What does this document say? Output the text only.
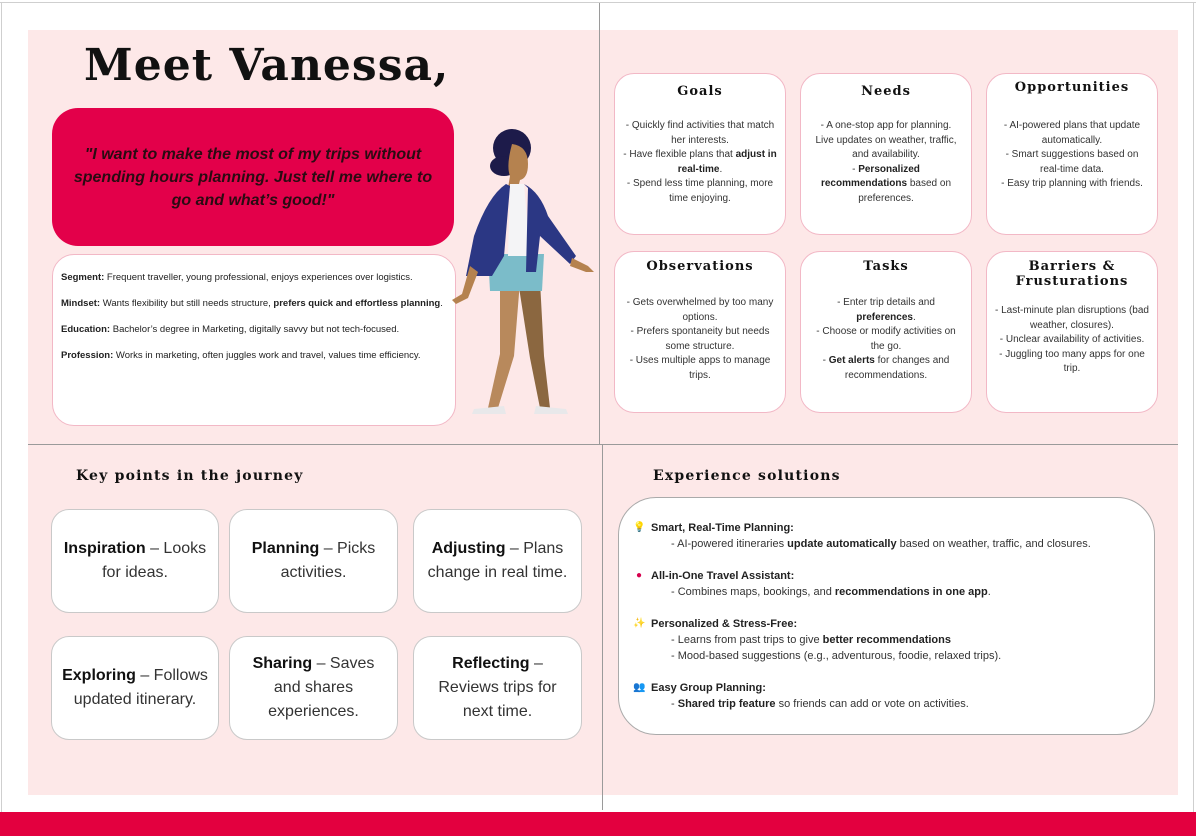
Meet Vanessa,
"I want to make the most of my trips without spending hours planning. Just tell me where to go and what’s good!"

Segment: Frequent traveller, young professional, enjoys experiences over logistics.

Mindset: Wants flexibility but still needs structure, prefers quick and effortless planning.

Education: Bachelor’s degree in Marketing, digitally savvy but not tech-focused.

Profession: Works in marketing, often juggles work and travel, values time efficiency.

Goals
- Quickly find activities that match her interests.
- Have flexible plans that adjust in real-time.
- Spend less time planning, more time enjoying.
Needs
- A one-stop app for planning.
Live updates on weather, traffic, and availability.
- Personalized recommendations based on preferences.
Opportunities
- AI-powered plans that update automatically.
- Smart suggestions based on real-time data.
- Easy trip planning with friends.
Observations
- Gets overwhelmed by too many options.
- Prefers spontaneity but needs some structure.
- Uses multiple apps to manage trips.
Tasks
- Enter trip details and preferences.
- Choose or modify activities on the go.
- Get alerts for changes and recommendations.
Barriers & Frusturations
- Last-minute plan disruptions (bad weather, closures).
- Unclear availability of activities.
- Juggling too many apps for one trip.
Key points in the journey
Inspiration – Looks for ideas.
Planning – Picks activities.
Adjusting – Plans change in real time.
Exploring – Follows updated itinerary.
Sharing – Saves and shares experiences.
Reflecting – Reviews trips for next time.
Experience solutions
💡 Smart, Real-Time Planning:
- AI-powered itineraries update automatically based on weather, traffic, and closures.
● All-in-One Travel Assistant:
- Combines maps, bookings, and recommendations in one app.
✨ Personalized & Stress-Free:
- Learns from past trips to give better recommendations
- Mood-based suggestions (e.g., adventurous, foodie, relaxed trips).
👥 Easy Group Planning:
- Shared trip feature so friends can add or vote on activities.
